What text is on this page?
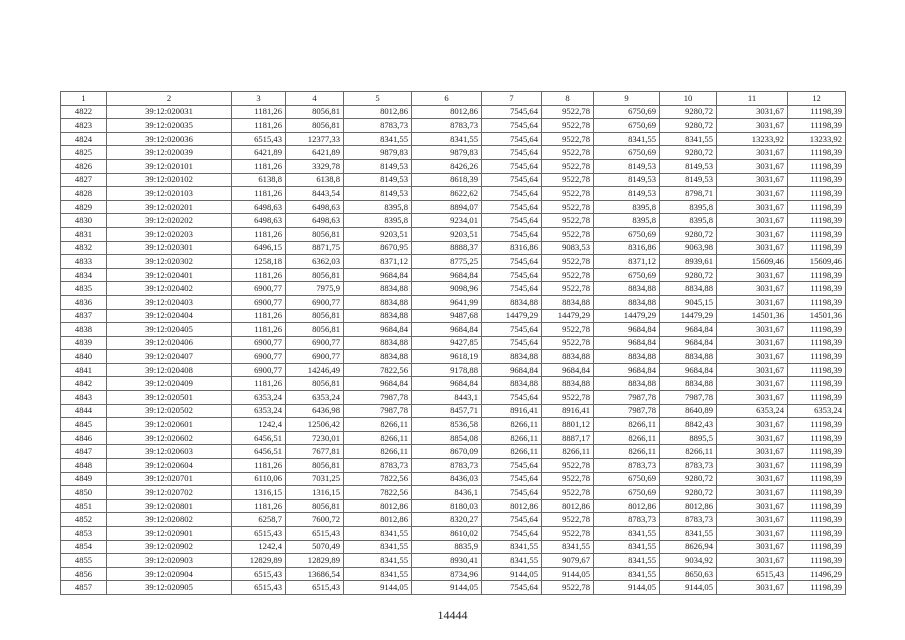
1	2	3	4	5	6	7	8	9	10	11	12
4822	39:12:020031	1181,26	8056,81	8012,86	8012,86	7545,64	9522,78	6750,69	9280,72	3031,67	11198,39
4823	39:12:020035	1181,26	8056,81	8783,73	8783,73	7545,64	9522,78	6750,69	9280,72	3031,67	11198,39
4824	39:12:020036	6515,43	12377,33	8341,55	8341,55	7545,64	9522,78	8341,55	8341,55	13233,92	13233,92
4825	39:12:020039	6421,89	6421,89	9879,83	9879,83	7545,64	9522,78	6750,69	9280,72	3031,67	11198,39
4826	39:12:020101	1181,26	3329,78	8149,53	8426,26	7545,64	9522,78	8149,53	8149,53	3031,67	11198,39
4827	39:12:020102	6138,8	6138,8	8149,53	8618,39	7545,64	9522,78	8149,53	8149,53	3031,67	11198,39
4828	39:12:020103	1181,26	8443,54	8149,53	8622,62	7545,64	9522,78	8149,53	8798,71	3031,67	11198,39
4829	39:12:020201	6498,63	6498,63	8395,8	8894,07	7545,64	9522,78	8395,8	8395,8	3031,67	11198,39
4830	39:12:020202	6498,63	6498,63	8395,8	9234,01	7545,64	9522,78	8395,8	8395,8	3031,67	11198,39
4831	39:12:020203	1181,26	8056,81	9203,51	9203,51	7545,64	9522,78	6750,69	9280,72	3031,67	11198,39
4832	39:12:020301	6496,15	8871,75	8670,95	8888,37	8316,86	9083,53	8316,86	9063,98	3031,67	11198,39
4833	39:12:020302	1258,18	6362,03	8371,12	8775,25	7545,64	9522,78	8371,12	8939,61	15609,46	15609,46
4834	39:12:020401	1181,26	8056,81	9684,84	9684,84	7545,64	9522,78	6750,69	9280,72	3031,67	11198,39
4835	39:12:020402	6900,77	7975,9	8834,88	9098,96	7545,64	9522,78	8834,88	8834,88	3031,67	11198,39
4836	39:12:020403	6900,77	6900,77	8834,88	9641,99	8834,88	8834,88	8834,88	9045,15	3031,67	11198,39
4837	39:12:020404	1181,26	8056,81	8834,88	9487,68	14479,29	14479,29	14479,29	14479,29	14501,36	14501,36
4838	39:12:020405	1181,26	8056,81	9684,84	9684,84	7545,64	9522,78	9684,84	9684,84	3031,67	11198,39
4839	39:12:020406	6900,77	6900,77	8834,88	9427,85	7545,64	9522,78	9684,84	9684,84	3031,67	11198,39
4840	39:12:020407	6900,77	6900,77	8834,88	9618,19	8834,88	8834,88	8834,88	8834,88	3031,67	11198,39
4841	39:12:020408	6900,77	14246,49	7822,56	9178,88	9684,84	9684,84	9684,84	9684,84	3031,67	11198,39
4842	39:12:020409	1181,26	8056,81	9684,84	9684,84	8834,88	8834,88	8834,88	8834,88	3031,67	11198,39
4843	39:12:020501	6353,24	6353,24	7987,78	8443,1	7545,64	9522,78	7987,78	7987,78	3031,67	11198,39
4844	39:12:020502	6353,24	6436,98	7987,78	8457,71	8916,41	8916,41	7987,78	8640,89	6353,24	6353,24
4845	39:12:020601	1242,4	12506,42	8266,11	8536,58	8266,11	8801,12	8266,11	8842,43	3031,67	11198,39
4846	39:12:020602	6456,51	7230,01	8266,11	8854,08	8266,11	8887,17	8266,11	8895,5	3031,67	11198,39
4847	39:12:020603	6456,51	7677,81	8266,11	8670,09	8266,11	8266,11	8266,11	8266,11	3031,67	11198,39
4848	39:12:020604	1181,26	8056,81	8783,73	8783,73	7545,64	9522,78	8783,73	8783,73	3031,67	11198,39
4849	39:12:020701	6110,06	7031,25	7822,56	8436,03	7545,64	9522,78	6750,69	9280,72	3031,67	11198,39
4850	39:12:020702	1316,15	1316,15	7822,56	8436,1	7545,64	9522,78	6750,69	9280,72	3031,67	11198,39
4851	39:12:020801	1181,26	8056,81	8012,86	8180,03	8012,86	8012,86	8012,86	8012,86	3031,67	11198,39
4852	39:12:020802	6258,7	7600,72	8012,86	8320,27	7545,64	9522,78	8783,73	8783,73	3031,67	11198,39
4853	39:12:020901	6515,43	6515,43	8341,55	8610,02	7545,64	9522,78	8341,55	8341,55	3031,67	11198,39
4854	39:12:020902	1242,4	5070,49	8341,55	8835,9	8341,55	8341,55	8341,55	8626,94	3031,67	11198,39
4855	39:12:020903	12829,89	12829,89	8341,55	8930,41	8341,55	9079,67	8341,55	9034,92	3031,67	11198,39
4856	39:12:020904	6515,43	13686,54	8341,55	8734,96	9144,05	9144,05	8341,55	8650,63	6515,43	11496,29
4857	39:12:020905	6515,43	6515,43	9144,05	9144,05	7545,64	9522,78	9144,05	9144,05	3031,67	11198,39
14444
